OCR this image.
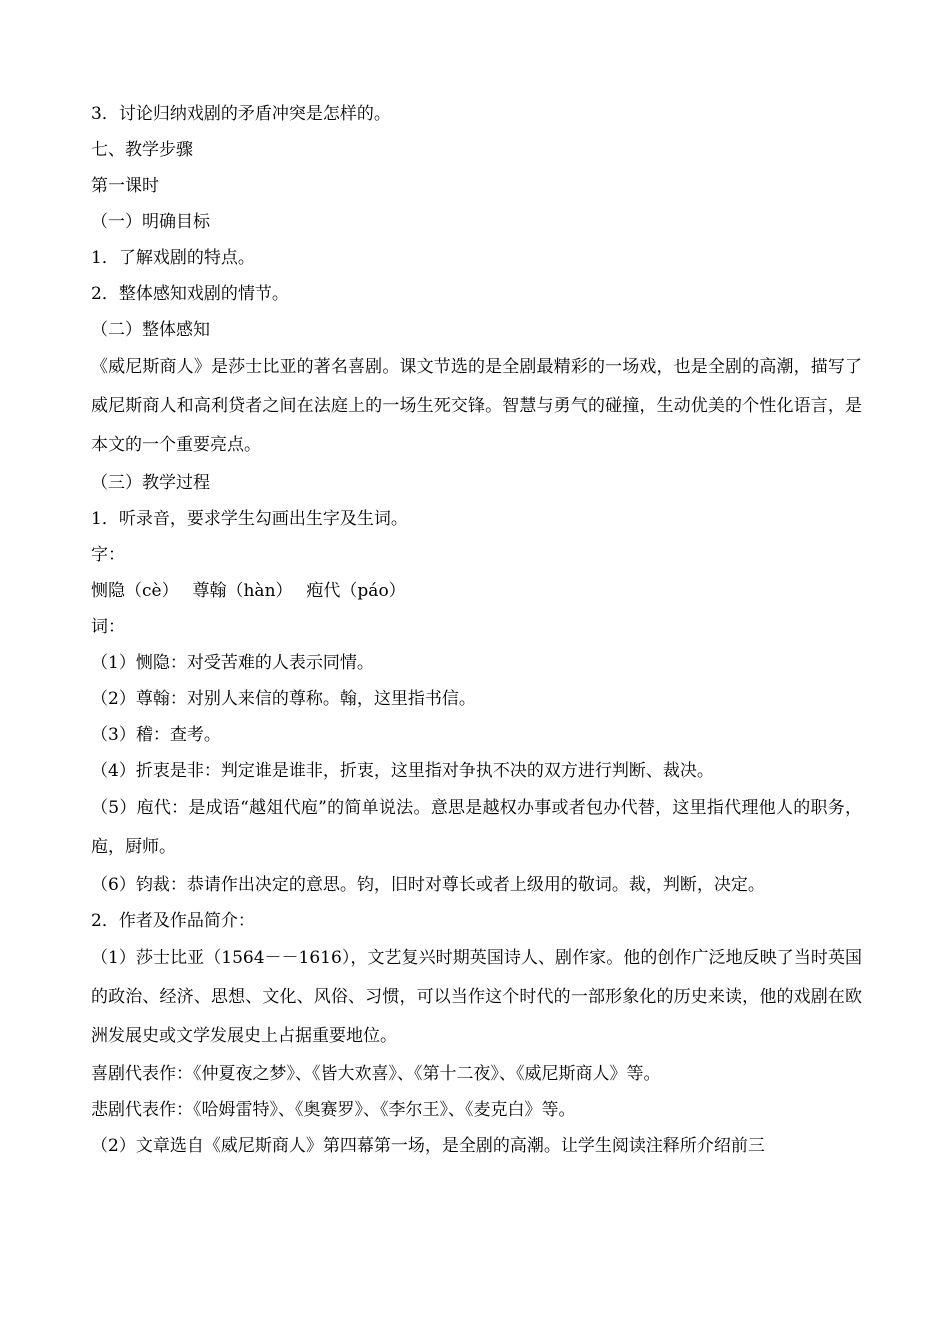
3．讨论归纳戏剧的矛盾冲突是怎样的。
七、教学步骤
第一课时
（一）明确目标
1．了解戏剧的特点。
2．整体感知戏剧的情节。
（二）整体感知
《威尼斯商人》是莎士比亚的著名喜剧。课文节选的是全剧最精彩的一场戏，也是全剧的高潮，描写了威尼斯商人和高利贷者之间在法庭上的一场生死交锋。智慧与勇气的碰撞，生动优美的个性化语言，是本文的一个重要亮点。
（三）教学过程
1．听录音，要求学生勾画出生字及生词。
字：
恻隐（cè）　 尊翰（hàn）　 疱代（páo）
词：
（1）恻隐：对受苦难的人表示同情。
（2）尊翰：对别人来信的尊称。翰，这里指书信。
（3）稽：查考。
（4）折衷是非：判定谁是谁非，折衷，这里指对争执不决的双方进行判断、裁决。
（5）庖代：是成语“越俎代庖”的简单说法。意思是越权办事或者包办代替，这里指代理他人的职务，庖，厨师。
（6）钧裁：恭请作出决定的意思。钧，旧时对尊长或者上级用的敬词。裁，判断，决定。
2．作者及作品简介：
（1）莎士比亚（1564－－1616），文艺复兴时期英国诗人、剧作家。他的创作广泛地反映了当时英国的政治、经济、思想、文化、风俗、习惯，可以当作这个时代的一部形象化的历史来读，他的戏剧在欧洲发展史或文学发展史上占据重要地位。
喜剧代表作：《仲夏夜之梦》、《皆大欢喜》、《第十二夜》、《威尼斯商人》等。
悲剧代表作：《哈姆雷特》、《奥赛罗》、《李尔王》、《麦克白》等。
（2）文章选自《威尼斯商人》第四幕第一场，是全剧的高潮。让学生阅读注释所介绍前三
